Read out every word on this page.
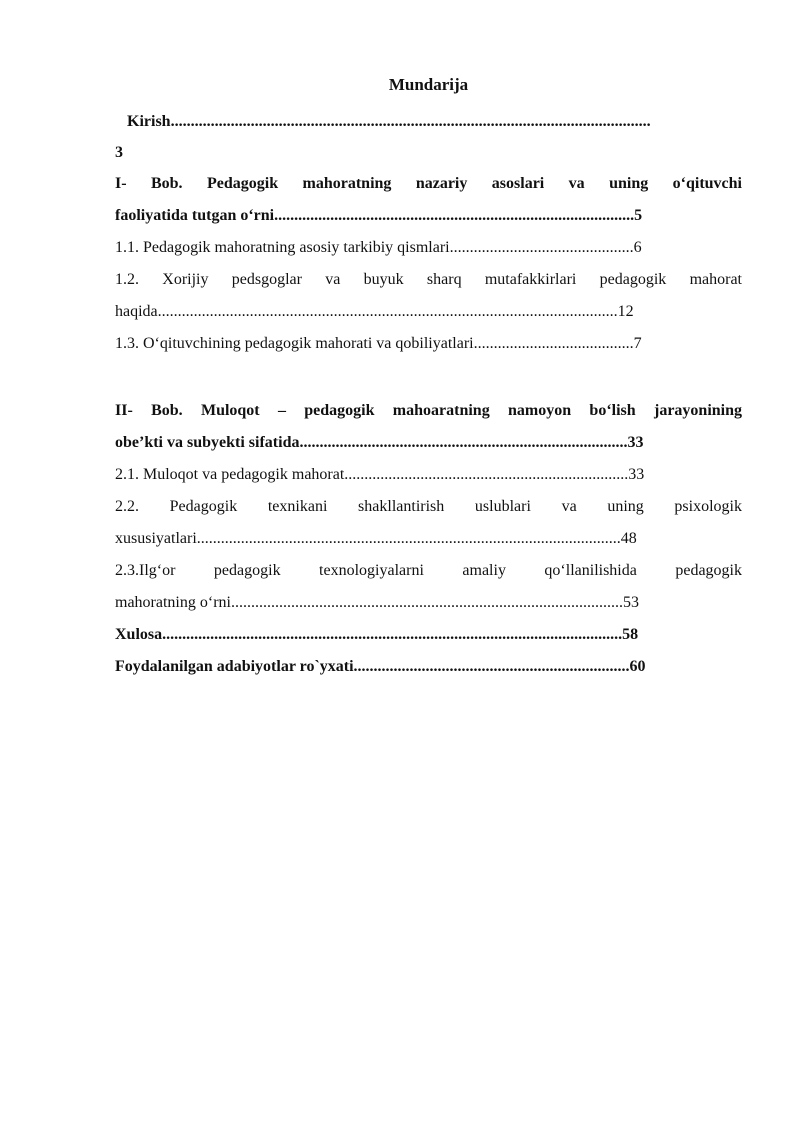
Mundarija
Kirish........................................................................................................................
3
I- Bob. Pedagogik mahoratning nazariy asoslari va uning o‘qituvchi
faoliyatida tutgan o‘rni..........................................................................................5
1.1. Pedagogik mahoratning asosiy tarkibiy qismlari..............................................6
1.2. Xorijiy pedsgoglar va buyuk sharq mutafakkirlari pedagogik mahorat
haqida...................................................................................................................12
1.3. O‘qituvchining pedagogik mahorati va qobiliyatlari........................................7
II- Bob. Muloqot – pedagogik mahoaratning namoyon bo‘lish jarayonining
obe’kti va subyekti sifatida..................................................................................33
2.1. Muloqot va pedagogik mahorat.......................................................................33
2.2. Pedagogik texnikani shakllantirish uslublari va uning psixologik
xususiyatlari..........................................................................................................48
2.3.Ilg‘or pedagogik texnologiyalarni amaliy qo‘llanilishida pedagogik
mahoratning o‘rni..................................................................................................53
Xulosa...................................................................................................................58
Foydalanilgan adabiyotlar ro`yxati.....................................................................60
